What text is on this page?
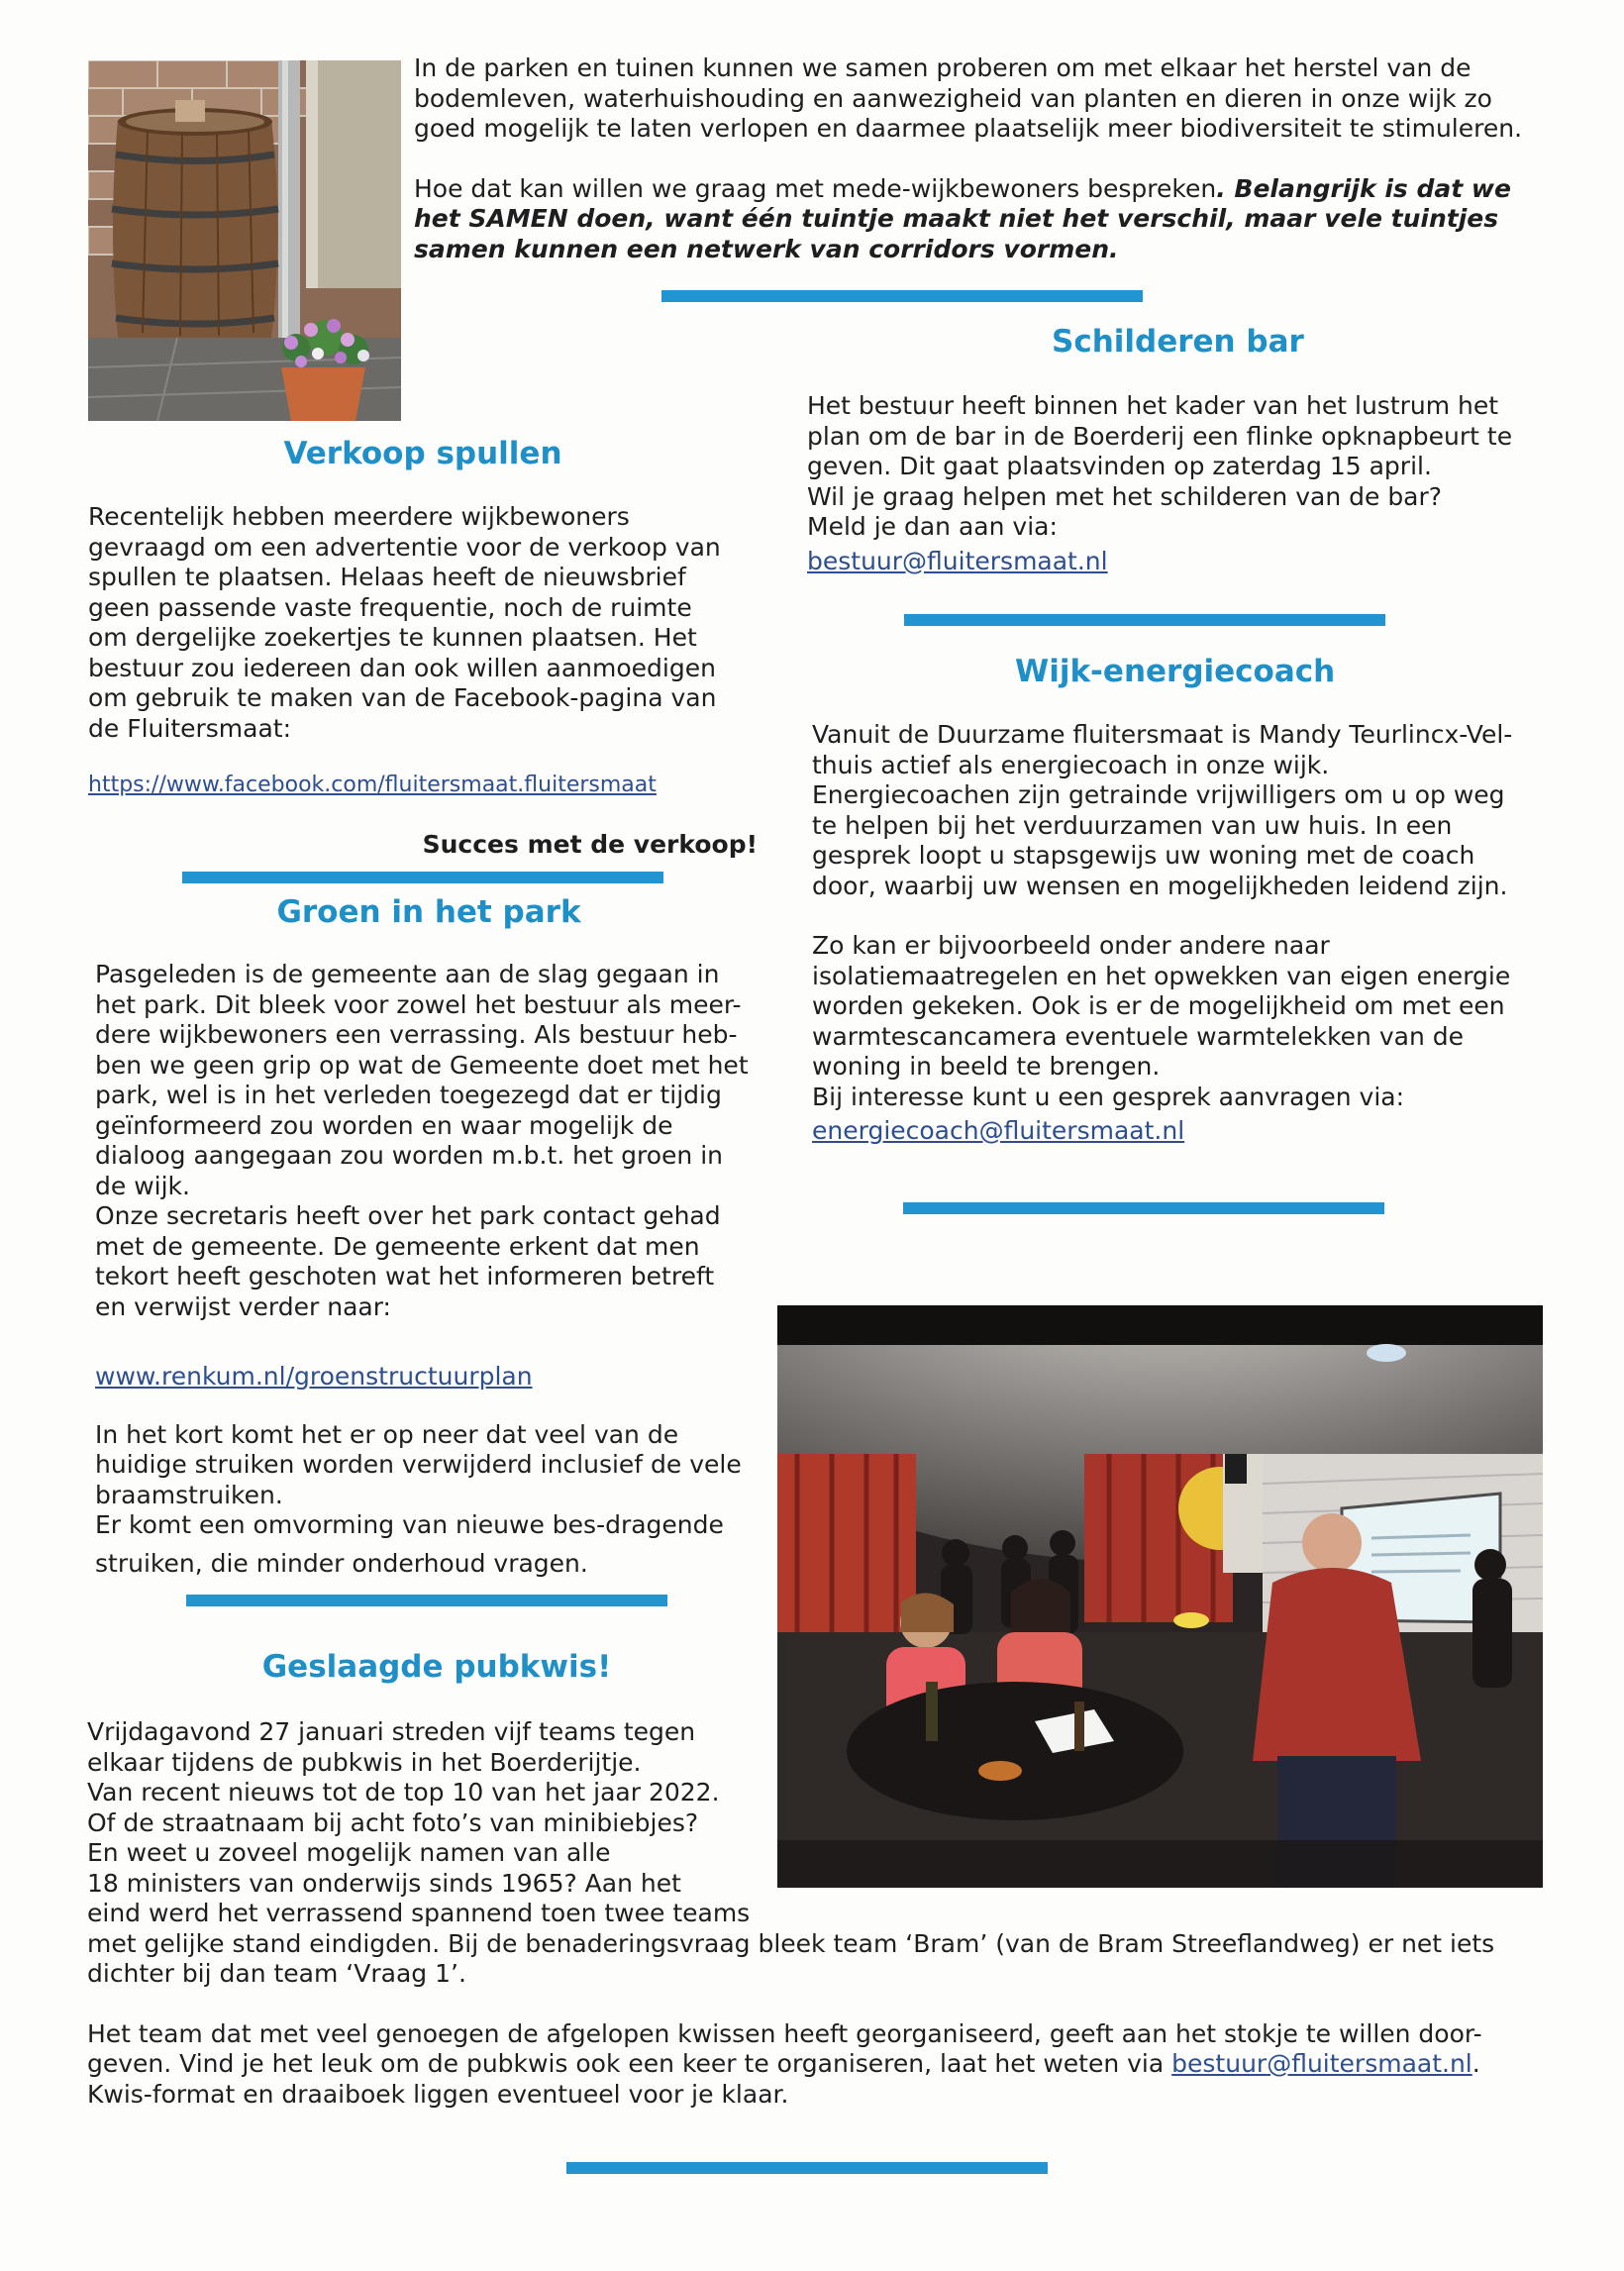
In de parken en tuinen kunnen we samen proberen om met elkaar het herstel van de

bodemleven, waterhuishouding en aanwezigheid van planten en dieren in onze wijk zo

goed mogelijk te laten verlopen en daarmee plaatselijk meer biodiversiteit te stimuleren.

Hoe dat kan willen we graag met mede-wijkbewoners bespreken. Belangrijk is dat we

het SAMEN doen, want één tuintje maakt niet het verschil, maar vele tuintjes

samen kunnen een netwerk van corridors vormen.

Schilderen bar

Het bestuur heeft binnen het kader van het lustrum het

plan om de bar in de Boerderij een flinke opknapbeurt te

geven. Dit gaat plaatsvinden op zaterdag 15 april.

Wil je graag helpen met het schilderen van de bar?

Meld je dan aan via:

bestuur@fluitersmaat.nl

Verkoop spullen

Recentelijk hebben meerdere wijkbewoners

gevraagd om een advertentie voor de verkoop van

spullen te plaatsen. Helaas heeft de nieuwsbrief

geen passende vaste frequentie, noch de ruimte

om dergelijke zoekertjes te kunnen plaatsen. Het

bestuur zou iedereen dan ook willen aanmoedigen

om gebruik te maken van de Facebook-pagina van

de Fluitersmaat:

https://www.facebook.com/fluitersmaat.fluitersmaat
Succes met de verkoop!
Groen in het park

Pasgeleden is de gemeente aan de slag gegaan in

het park. Dit bleek voor zowel het bestuur als meer-

dere wijkbewoners een verrassing. Als bestuur heb-

ben we geen grip op wat de Gemeente doet met het

park, wel is in het verleden toegezegd dat er tijdig

geïnformeerd zou worden en waar mogelijk de

dialoog aangegaan zou worden m.b.t. het groen in

de wijk.

Onze secretaris heeft over het park contact gehad

met de gemeente. De gemeente erkent dat men

tekort heeft geschoten wat het informeren betreft

en verwijst verder naar:

www.renkum.nl/groenstructuurplan

In het kort komt het er op neer dat veel van de

huidige struiken worden verwijderd inclusief de vele

braamstruiken.

Er komt een omvorming van nieuwe bes-dragende

struiken, die minder onderhoud vragen.

Wijk-energiecoach

Vanuit de Duurzame fluitersmaat is Mandy Teurlincx-Vel-

thuis actief als energiecoach in onze wijk.

Energiecoachen zijn getrainde vrijwilligers om u op weg

te helpen bij het verduurzamen van uw huis. In een

gesprek loopt u stapsgewijs uw woning met de coach

door, waarbij uw wensen en mogelijkheden leidend zijn.

Zo kan er bijvoorbeeld onder andere naar

isolatiemaatregelen en het opwekken van eigen energie

worden gekeken. Ook is er de mogelijkheid om met een

warmtescancamera eventuele warmtelekken van de

woning in beeld te brengen.

Bij interesse kunt u een gesprek aanvragen via:

energiecoach@fluitersmaat.nl

Geslaagde pubkwis!

Vrijdagavond 27 januari streden vijf teams tegen

elkaar tijdens de pubkwis in het Boerderijtje.

Van recent nieuws tot de top 10 van het jaar 2022.

Of de straatnaam bij acht foto’s van minibiebjes?

En weet u zoveel mogelijk namen van alle

18 ministers van onderwijs sinds 1965? Aan het

eind werd het verrassend spannend toen twee teams

met gelijke stand eindigden. Bij de benaderingsvraag bleek team ‘Bram’ (van de Bram Streeflandweg) er net iets

dichter bij dan team ‘Vraag 1’.

Het team dat met veel genoegen de afgelopen kwissen heeft georganiseerd, geeft aan het stokje te willen door-

geven. Vind je het leuk om de pubkwis ook een keer te organiseren, laat het weten via bestuur@fluitersmaat.nl.

Kwis-format en draaiboek liggen eventueel voor je klaar.
